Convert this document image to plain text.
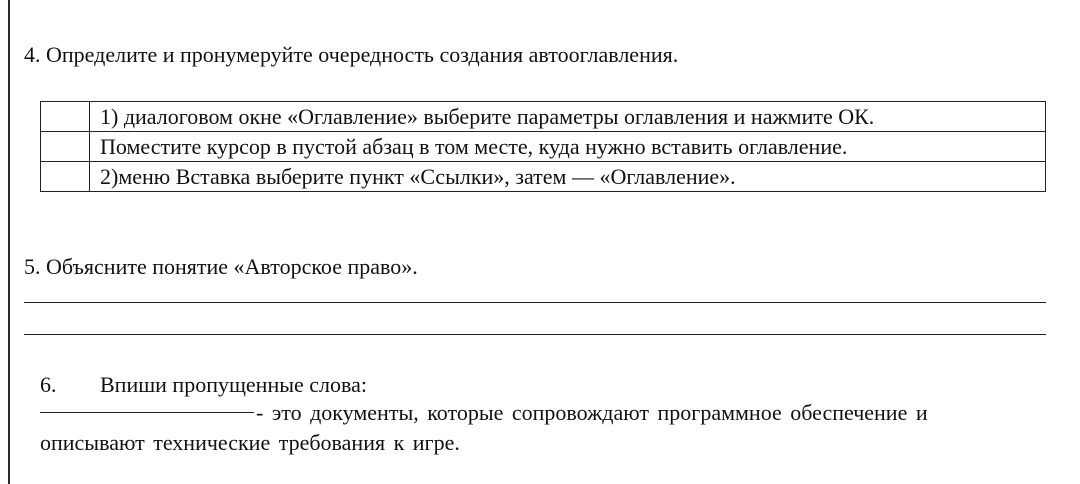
4. Определите и пронумеруйте очередность создания автооглавления.
	1) диалоговом окне «Оглавление» выберите параметры оглавления и нажмите ОК.
	Поместите курсор в пустой абзац в том месте, куда нужно вставить оглавление.
	2)меню Вставка выберите пункт «Ссылки», затем — «Оглавление».
5. Объясните понятие «Авторское право».
6. Впиши пропущенные слова:
- это документы, которые сопровождают программное обеспечение и
описывают технические требования к игре.
